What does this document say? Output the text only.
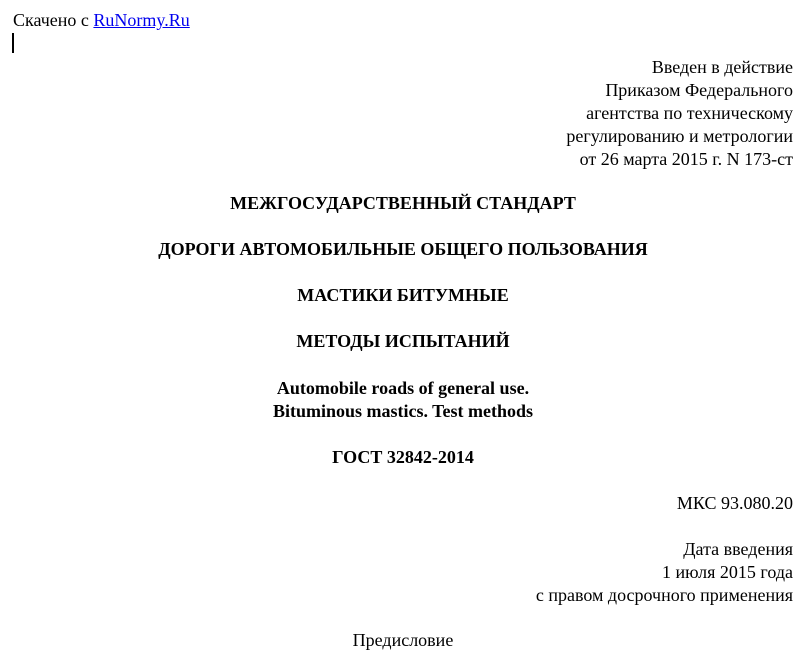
Скачено с RuNormy.Ru
Введен в действие
Приказом Федерального
агентства по техническому
регулированию и метрологии
от 26 марта 2015 г. N 173-ст
МЕЖГОСУДАРСТВЕННЫЙ СТАНДАРТ
ДОРОГИ АВТОМОБИЛЬНЫЕ ОБЩЕГО ПОЛЬЗОВАНИЯ
МАСТИКИ БИТУМНЫЕ
МЕТОДЫ ИСПЫТАНИЙ
Automobile roads of general use.
Bituminous mastics. Test methods
ГОСТ 32842-2014
МКС 93.080.20
Дата введения
1 июля 2015 года
с правом досрочного применения
Предисловие
